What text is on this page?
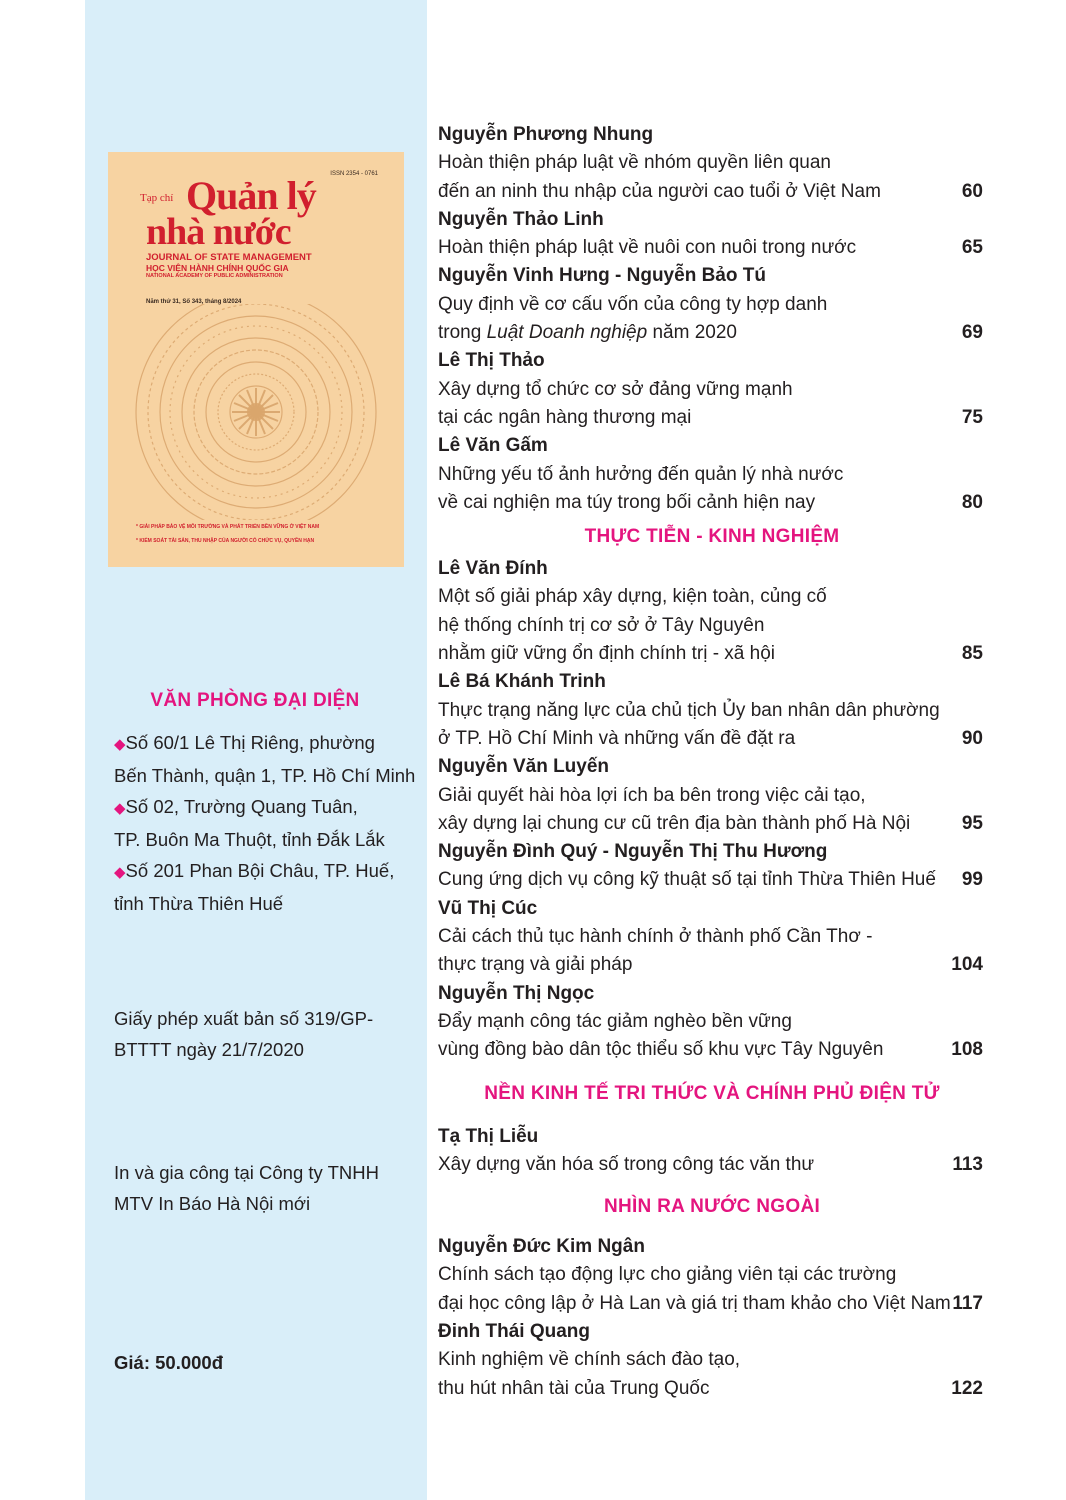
ISSN 2354 - 0761
Tạp chí Quản lý
nhà nước
JOURNAL OF STATE MANAGEMENT
HỌC VIỆN HÀNH CHÍNH QUỐC GIA
NATIONAL ACADEMY OF PUBLIC ADMINISTRATION
Năm thứ 31, Số 343, tháng 8/2024
* GIẢI PHÁP BẢO VỆ MÔI TRƯỜNG VÀ PHÁT TRIỂN BỀN VỮNG Ở VIỆT NAM
* KIỂM SOÁT TÀI SẢN, THU NHẬP CỦA NGƯỜI CÓ CHỨC VỤ, QUYỀN HẠN
VĂN PHÒNG ĐẠI DIỆN
◆Số 60/1 Lê Thị Riêng, phường
Bến Thành, quận 1, TP. Hồ Chí Minh
◆Số 02, Trường Quang Tuân,
TP. Buôn Ma Thuột, tỉnh Đắk Lắk
◆Số 201 Phan Bội Châu, TP. Huế,
tỉnh Thừa Thiên Huế
Giấy phép xuất bản số 319/GP-
BTTTT ngày 21/7/2020
In và gia công tại Công ty TNHH
MTV In Báo Hà Nội mới
Giá: 50.000đ
Nguyễn Phương Nhung
Hoàn thiện pháp luật về nhóm quyền liên quan
đến an ninh thu nhập của người cao tuổi ở Việt Nam	60
Nguyễn Thảo Linh
Hoàn thiện pháp luật về nuôi con nuôi trong nước	65
Nguyễn Vinh Hưng - Nguyễn Bảo Tú
Quy định về cơ cấu vốn của công ty hợp danh
trong Luật Doanh nghiệp năm 2020	69
Lê Thị Thảo
Xây dựng tổ chức cơ sở đảng vững mạnh
tại các ngân hàng thương mại	75
Lê Văn Gấm
Những yếu tố ảnh hưởng đến quản lý nhà nước
về cai nghiện ma túy trong bối cảnh hiện nay	80
THỰC TIỄN - KINH NGHIỆM
Lê Văn Đính
Một số giải pháp xây dựng, kiện toàn, củng cố
hệ thống chính trị cơ sở ở Tây Nguyên
nhằm giữ vững ổn định chính trị - xã hội	85
Lê Bá Khánh Trinh
Thực trạng năng lực của chủ tịch Ủy ban nhân dân phường
ở TP. Hồ Chí Minh và những vấn đề đặt ra	90
Nguyễn Văn Luyến
Giải quyết hài hòa lợi ích ba bên trong việc cải tạo,
xây dựng lại chung cư cũ trên địa bàn thành phố Hà Nội	95
Nguyễn Đình Quý - Nguyễn Thị Thu Hương
Cung ứng dịch vụ công kỹ thuật số tại tỉnh Thừa Thiên Huế 99
Vũ Thị Cúc
Cải cách thủ tục hành chính ở thành phố Cần Thơ -
thực trạng và giải pháp	104
Nguyễn Thị Ngọc
Đẩy mạnh công tác giảm nghèo bền vững
vùng đồng bào dân tộc thiểu số khu vực Tây Nguyên	108
NỀN KINH TẾ TRI THỨC VÀ CHÍNH PHỦ ĐIỆN TỬ
Tạ Thị Liễu
Xây dựng văn hóa số trong công tác văn thư	113
NHÌN RA NƯỚC NGOÀI
Nguyễn Đức Kim Ngân
Chính sách tạo động lực cho giảng viên tại các trường
đại học công lập ở Hà Lan và giá trị tham khảo cho Việt Nam 117
Đinh Thái Quang
Kinh nghiệm về chính sách đào tạo,
thu hút nhân tài của Trung Quốc	122
